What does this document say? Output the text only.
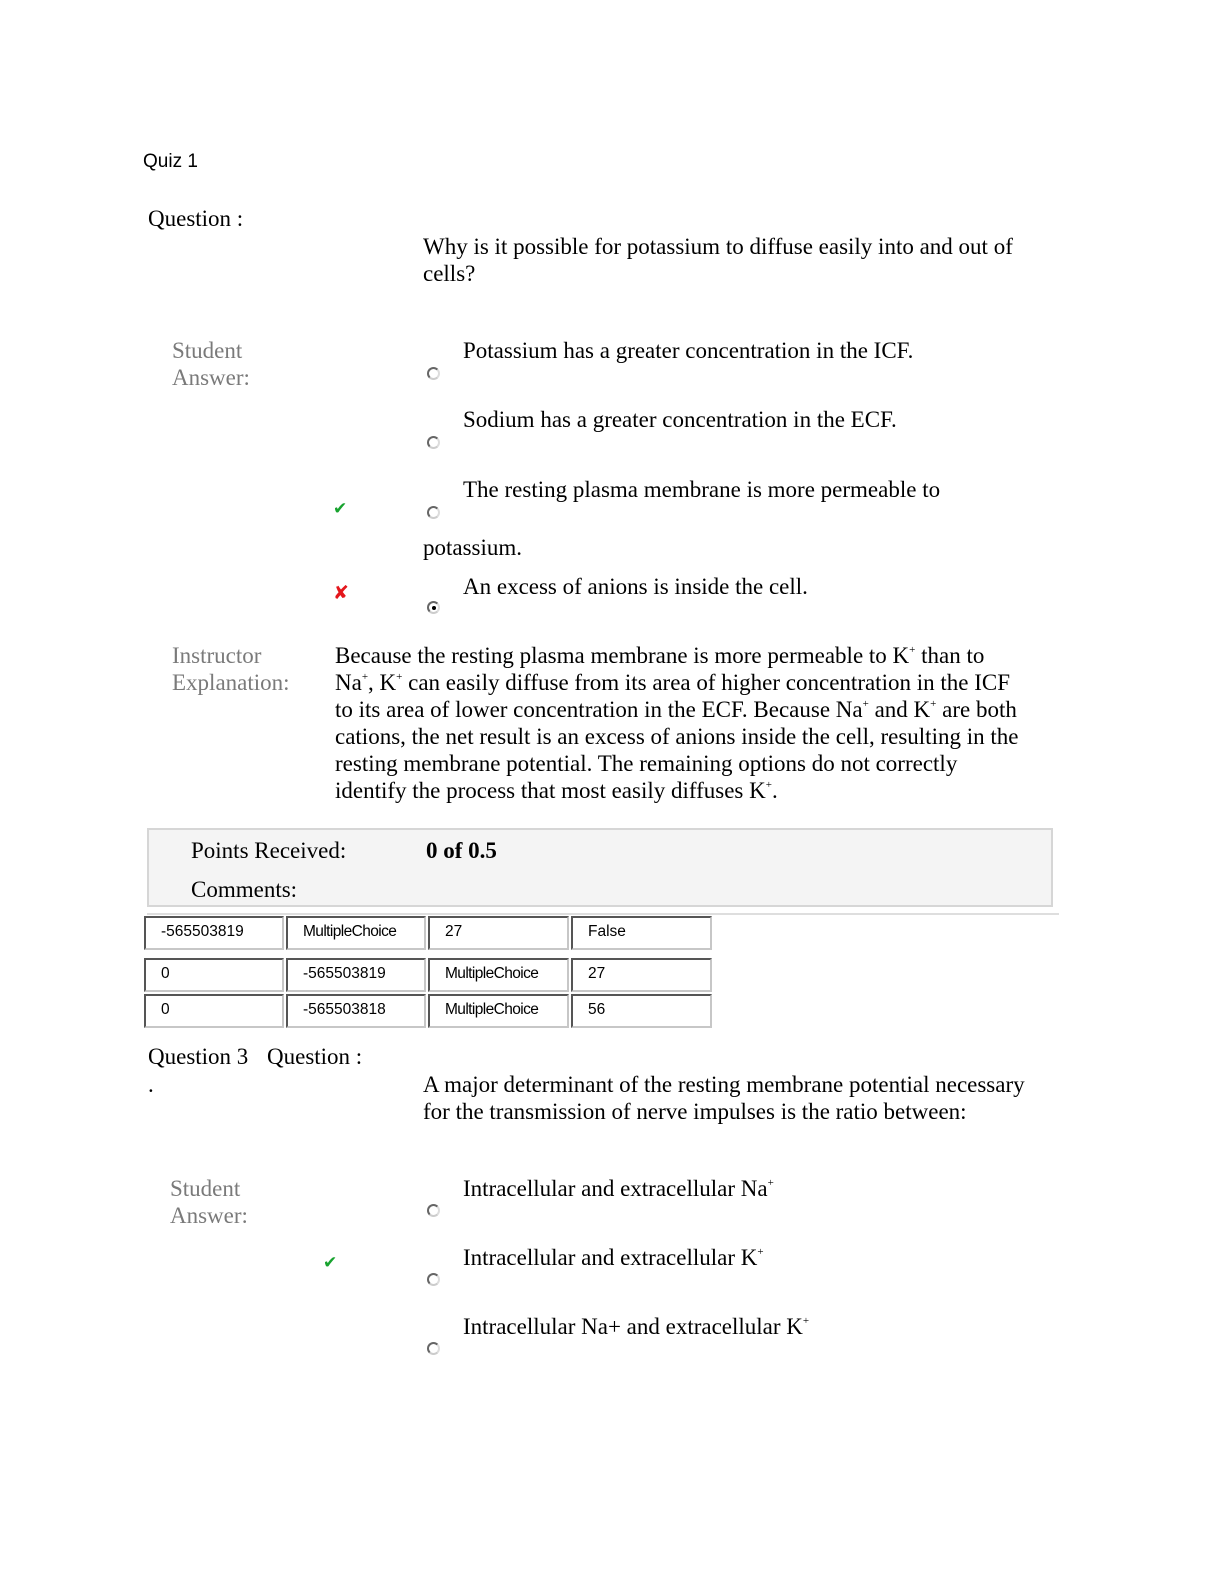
Quiz 1
Question :
Why is it possible for potassium to diffuse easily into and out of
cells?
Student
Answer:
Potassium has a greater concentration in the ICF.
Sodium has a greater concentration in the ECF.
✔
The resting plasma membrane is more permeable to
potassium.
✘	An excess of anions is inside the cell.
Instructor
Explanation:
Because the resting plasma membrane is more permeable to K+ than to
Na+, K+ can easily diffuse from its area of higher concentration in the ICF
to its area of lower concentration in the ECF. Because Na+ and K+ are both
cations, the net result is an excess of anions inside the cell, resulting in the
resting membrane potential. The remaining options do not correctly
identify the process that most easily diffuses K+.
Points Received:	0 of 0.5
Comments:
-565503819	MultipleChoice	27	False
0	-565503819	MultipleChoice	27
0	-565503818	MultipleChoice	56
Question 3
.
Question :
A major determinant of the resting membrane potential necessary
for the transmission of nerve impulses is the ratio between:
Student
Answer:
Intracellular and extracellular Na+
✔	Intracellular and extracellular K+
Intracellular Na+ and extracellular K+
